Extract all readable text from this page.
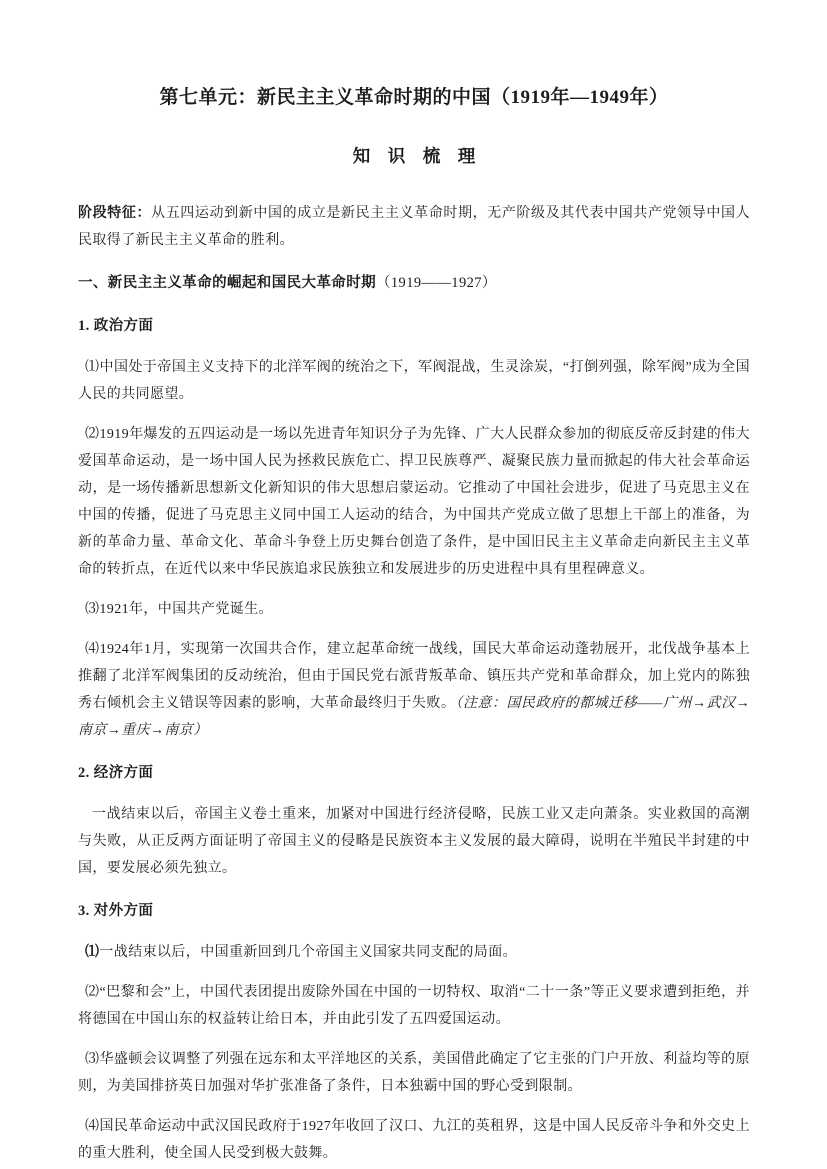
第七单元：新民主主义革命时期的中国（1919年—1949年）
知　识　梳　理

阶段特征：从五四运动到新中国的成立是新民主主义革命时期，无产阶级及其代表中国共产党领导中国人民取得了新民主主义革命的胜利。

一、新民主主义革命的崛起和国民大革命时期（1919——1927）

1. 政治方面

⑴中国处于帝国主义支持下的北洋军阀的统治之下，军阀混战，生灵涂炭，“打倒列强，除军阀”成为全国人民的共同愿望。

⑵1919年爆发的五四运动是一场以先进青年知识分子为先锋、广大人民群众参加的彻底反帝反封建的伟大爱国革命运动，是一场中国人民为拯救民族危亡、捍卫民族尊严、凝聚民族力量而掀起的伟大社会革命运动，是一场传播新思想新文化新知识的伟大思想启蒙运动。它推动了中国社会进步，促进了马克思主义在中国的传播，促进了马克思主义同中国工人运动的结合，为中国共产党成立做了思想上干部上的准备，为新的革命力量、革命文化、革命斗争登上历史舞台创造了条件，是中国旧民主主义革命走向新民主主义革命的转折点，在近代以来中华民族追求民族独立和发展进步的历史进程中具有里程碑意义。

⑶1921年，中国共产党诞生。

⑷1924年1月，实现第一次国共合作，建立起革命统一战线，国民大革命运动蓬勃展开，北伐战争基本上推翻了北洋军阀集团的反动统治，但由于国民党右派背叛革命、镇压共产党和革命群众，加上党内的陈独秀右倾机会主义错误等因素的影响，大革命最终归于失败。（注意：国民政府的都城迁移——广州→武汉→南京→重庆→南京）

2. 经济方面

一战结束以后，帝国主义卷土重来，加紧对中国进行经济侵略，民族工业又走向萧条。实业救国的高潮与失败，从正反两方面证明了帝国主义的侵略是民族资本主义发展的最大障碍，说明在半殖民半封建的中国，要发展必须先独立。

3. 对外方面

⑴一战结束以后，中国重新回到几个帝国主义国家共同支配的局面。

⑵“巴黎和会”上，中国代表团提出废除外国在中国的一切特权、取消“二十一条”等正义要求遭到拒绝，并将德国在中国山东的权益转让给日本，并由此引发了五四爱国运动。

⑶华盛顿会议调整了列强在远东和太平洋地区的关系，美国借此确定了它主张的门户开放、利益均等的原则，为美国排挤英日加强对华扩张准备了条件，日本独霸中国的野心受到限制。

⑷国民革命运动中武汉国民政府于1927年收回了汉口、九江的英租界，这是中国人民反帝斗争和外交史上的重大胜利，使全国人民受到极大鼓舞。
